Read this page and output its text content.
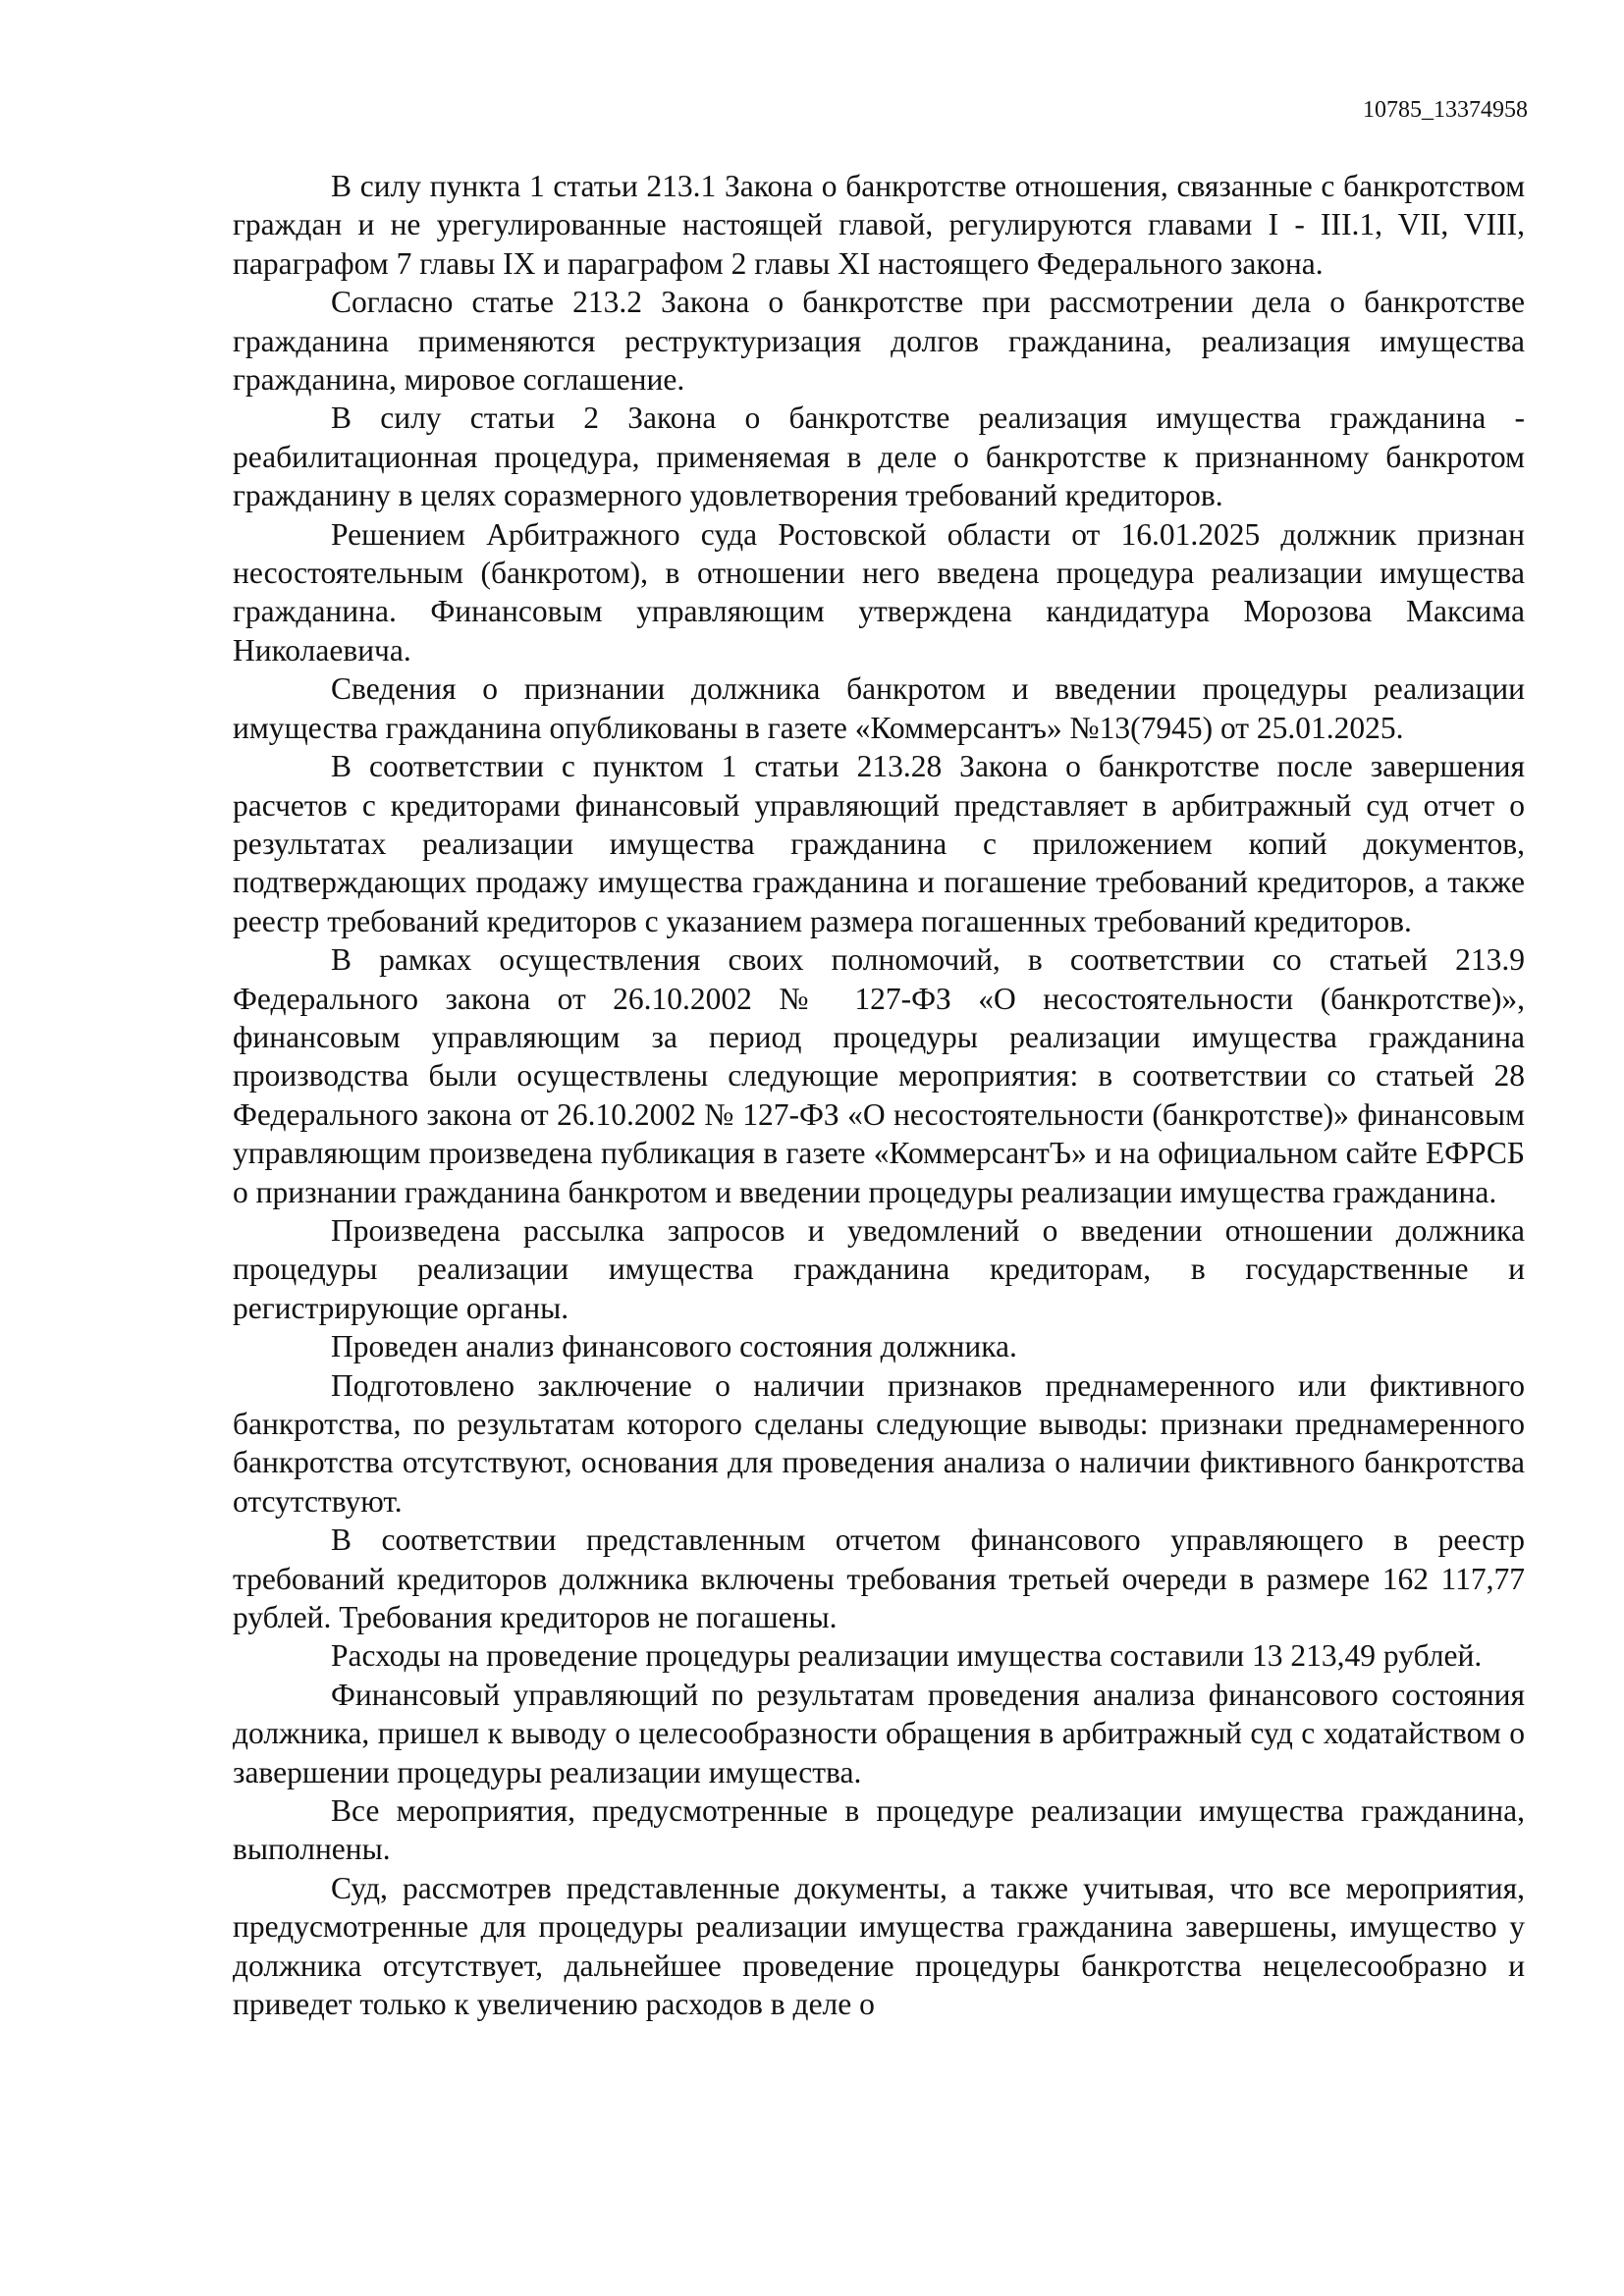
10785_13374958

В силу пункта 1 статьи 213.1 Закона о банкротстве отношения, связанные с банкротством граждан и не урегулированные настоящей главой, регулируются главами I - III.1, VII, VIII, параграфом 7 главы IX и параграфом 2 главы XI настоящего Федерального закона.

Согласно статье 213.2 Закона о банкротстве при рассмотрении дела о банкротстве гражданина применяются реструктуризация долгов гражданина, реализация имущества гражданина, мировое соглашение.

В силу статьи 2 Закона о банкротстве реализация имущества гражданина - реабилитационная процедура, применяемая в деле о банкротстве к признанному банкротом гражданину в целях соразмерного удовлетворения требований кредиторов.

Решением Арбитражного суда Ростовской области от 16.01.2025 должник признан несостоятельным (банкротом), в отношении него введена процедура реализации имущества гражданина. Финансовым управляющим утверждена кандидатура Морозова Максима Николаевича.

Сведения о признании должника банкротом и введении процедуры реализации имущества гражданина опубликованы в газете «Коммерсантъ» №13(7945) от 25.01.2025.

В соответствии с пунктом 1 статьи 213.28 Закона о банкротстве после завершения расчетов с кредиторами финансовый управляющий представляет в арбитражный суд отчет о результатах реализации имущества гражданина с приложением копий документов, подтверждающих продажу имущества гражданина и погашение требований кредиторов, а также реестр требований кредиторов с указанием размера погашенных требований кредиторов.

В рамках осуществления своих полномочий, в соответствии со статьей 213.9 Федерального закона от 26.10.2002 № 127-ФЗ «О несостоятельности (банкротстве)», финансовым управляющим за период процедуры реализации имущества гражданина производства были осуществлены следующие мероприятия: в соответствии со статьей 28 Федерального закона от 26.10.2002 № 127-ФЗ «О несостоятельности (банкротстве)» финансовым управляющим произведена публикация в газете «КоммерсантЪ» и на официальном сайте ЕФРСБ о признании гражданина банкротом и введении процедуры реализации имущества гражданина.

Произведена рассылка запросов и уведомлений о введении отношении должника процедуры реализации имущества гражданина кредиторам, в государственные и регистрирующие органы.

Проведен анализ финансового состояния должника.

Подготовлено заключение о наличии признаков преднамеренного или фиктивного банкротства, по результатам которого сделаны следующие выводы: признаки преднамеренного банкротства отсутствуют, основания для проведения анализа о наличии фиктивного банкротства отсутствуют.

В соответствии представленным отчетом финансового управляющего в реестр требований кредиторов должника включены требования третьей очереди в размере 162 117,77 рублей. Требования кредиторов не погашены.

Расходы на проведение процедуры реализации имущества составили 13 213,49 рублей.

Финансовый управляющий по результатам проведения анализа финансового состояния должника, пришел к выводу о целесообразности обращения в арбитражный суд с ходатайством о завершении процедуры реализации имущества.

Все мероприятия, предусмотренные в процедуре реализации имущества гражданина, выполнены.

Суд, рассмотрев представленные документы, а также учитывая, что все мероприятия, предусмотренные для процедуры реализации имущества гражданина завершены, имущество у должника отсутствует, дальнейшее проведение процедуры банкротства нецелесообразно и приведет только к увеличению расходов в деле о
